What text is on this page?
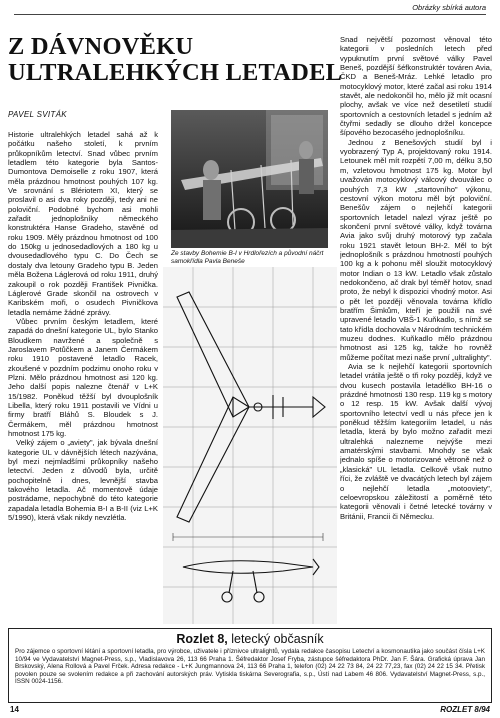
Obrázky sbírká autora
Z DÁVNOVĚKU
ULTRALEHKÝCH LETADEL
PAVEL SVITÁK

Historie ultralehkých letadel sahá až k počátku našeho století, k prvním průkopníkům letectví. Snad vůbec prvním letadlem této kategorie byla Santos-Dumontova Demoiselle z roku 1907, která měla prázdnou hmotnost pouhých 107 kg. Ve srovnání s Blériotem XI, který se proslavil o asi dva roky později, tedy ani ne poloviční. Podobné bychom asi mohli zařadit jednoplošníky německého konstruktéra Hanse Gradeho, stavěné od roku 1909. Měly prázdnou hmotnost od 100 do 150kg u jednosedadlových a 180 kg u dvousedadlového typu C. Do Čech se dostaly dva letouny Gradeho typu B. Jeden měla Božena Láglerová od roku 1911, druhý zakoupil o rok později František Pivnička. Láglerové Grade skončil na ostrovech v Karibském moři, o osudech Pivničkova letadla nemáme žádné zprávy.

Vůbec prvním českým letadlem, které zapadá do dnešní kategorie UL, bylo Stanko Bloudkem navržené a společně s Jaroslavem Potůčkem a Janem Čermákem roku 1910 postavené letadlo Racek, zkoušené v pozdním podzimu onoho roku v Plzni. Mělo prázdnou hmotnost asi 120 kg. Jeho další popis nalezne čtenář v L+K 15/1982. Poněkud těžší byl dvouplošník Libella, který roku 1911 postavili ve Vídni u firmy bratří Bláhů S. Bloudek s J. Čermákem, měl prázdnou hmotnost hmotnost 175 kg.

Velký zájem o „aviety", jak bývala dnešní kategorie UL v dávnějších létech nazývána, byl mezi nejmladšími průkopníky našeho letectví. Jeden z důvodů byla, určitě pochopitelně i dnes, levnější stavba takového letadla. Ač momentově údaje postrádame, nepochybně do této kategorie zapadala letadla Bohemia B-I a B-II (viz L+K 5/1990), která však nikdy nevzlétla.

Ze stavby Bohemie B-I v Hrdlořezích a původní náčrt samokřídla Pavla Beneše

Snad největší pozornost věnoval této kategorii v posledních letech před vypuknutím první světové války Pavel Beneš, pozdější šéfkonstruktér továren Avia, ČKD a Beneš-Mráz. Lehké letadlo pro motocyklový motor, které začal asi roku 1914 stavět, ale nedokončil ho, mělo již mít ocasní plochy, avšak ve více než desetiletí studií sportovních a cestovních letadel s jedním až čtyřmi sedadly se dlouho držel koncepce šípového bezocasého jednoplošníku.

Jednou z Benešových studií byl i vyobrazený Typ A, projektovaný roku 1914. Letounek měl mít rozpětí 7,00 m, délku 3,50 m, vzletovou hmotnost 175 kg. Motor byl uvažován motocyklový válcový dvouválec o pouhých 7,3 kW „startovního" výkonu, cestovní výkon motoru měl být poloviční. Benešův zájem o nejlehčí kategorii sportovních letadel nalezl výraz ještě po skončení první světové války, když továrna Avia jako svůj druhý motorový typ začala roku 1921 stavět letoun BH-2. Měl to být jednoplošník s prázdnou hmotností pouhých 100 kg a k pohonu měl sloužit motocyklový motor Indian o 13 kW. Letadlo však zůstalo nedokončeno, ač drak byl téměř hotov, snad proto, že nebyl k dispozici vhodný motor. Asi o pět let později věnovala továrna křídlo bratřím Šimkům, kteří je použili na své upravené letadlo VBŠ-1 Kuňkadlo, s nímž se tato křídla dochovala v Národním technickém muzeu dodnes. Kuňkadlo mělo prázdnou hmotnost asi 125 kg, takže ho rovněž můžeme počítat mezi naše první „ultralighty".

Avia se k nejlehčí kategorii sportovních letadel vrátila ještě o tři roky později, když ve dvou kusech postavila letadélko BH-16 o prázdné hmotnosti 130 resp. 119 kg s motory o 12 resp. 15 kW. Avšak další vývoj sportovního letectví vedl u nás přece jen k poněkud těžším kategoriím letadel, u nás letadla, která by bylo možno zařadit mezi ultralehká nalezneme nejvýše mezi amatérskými stavbami. Mnohdy se však jednalo spíše o motorizované větroně než o „klasická" UL letadla. Celkově však nutno říci, že zvláště ve dvacátých letech byl zájem o nejlehčí letadla „motooviety", celoevropskou záležitostí a poměrně této kategorii věnovali i četné letecké továrny v Británii, Francii či Německu.

Rozlet 8, letecký občasník
Pro zájemce o sportovní létání a sportovní letadla, pro výrobce, uživatele i příznivce ultralightů, vydala redakce časopisu Letectví a kosmonautika jako součást čísla L+K 10/94 ve Vydavatelství Magnet-Press, s.p., Vladislavova 26, 113 66 Praha 1. Šéfredaktor Josef Fryba, zástupce šéfredaktora PhDr. Jan F. Šára. Grafická úprava Jan Brskovský, Alena Rollová a Pavel Frček. Adresa redakce - L+K Jungmannova 24, 113 66 Praha 1, telefon (02) 24 22 73 84, 24 22 77,23, fax (02) 24 22 15 34. Přetisk povolen pouze se svolením redakce a při zachování autorských práv. Vytiskla tiskárna Severografia, s.p., Ústí nad Labem 46 806. Vydavatelství Magnet-Press, s.p., ISSN 0024-1156.
14	ROZLET 8/94
